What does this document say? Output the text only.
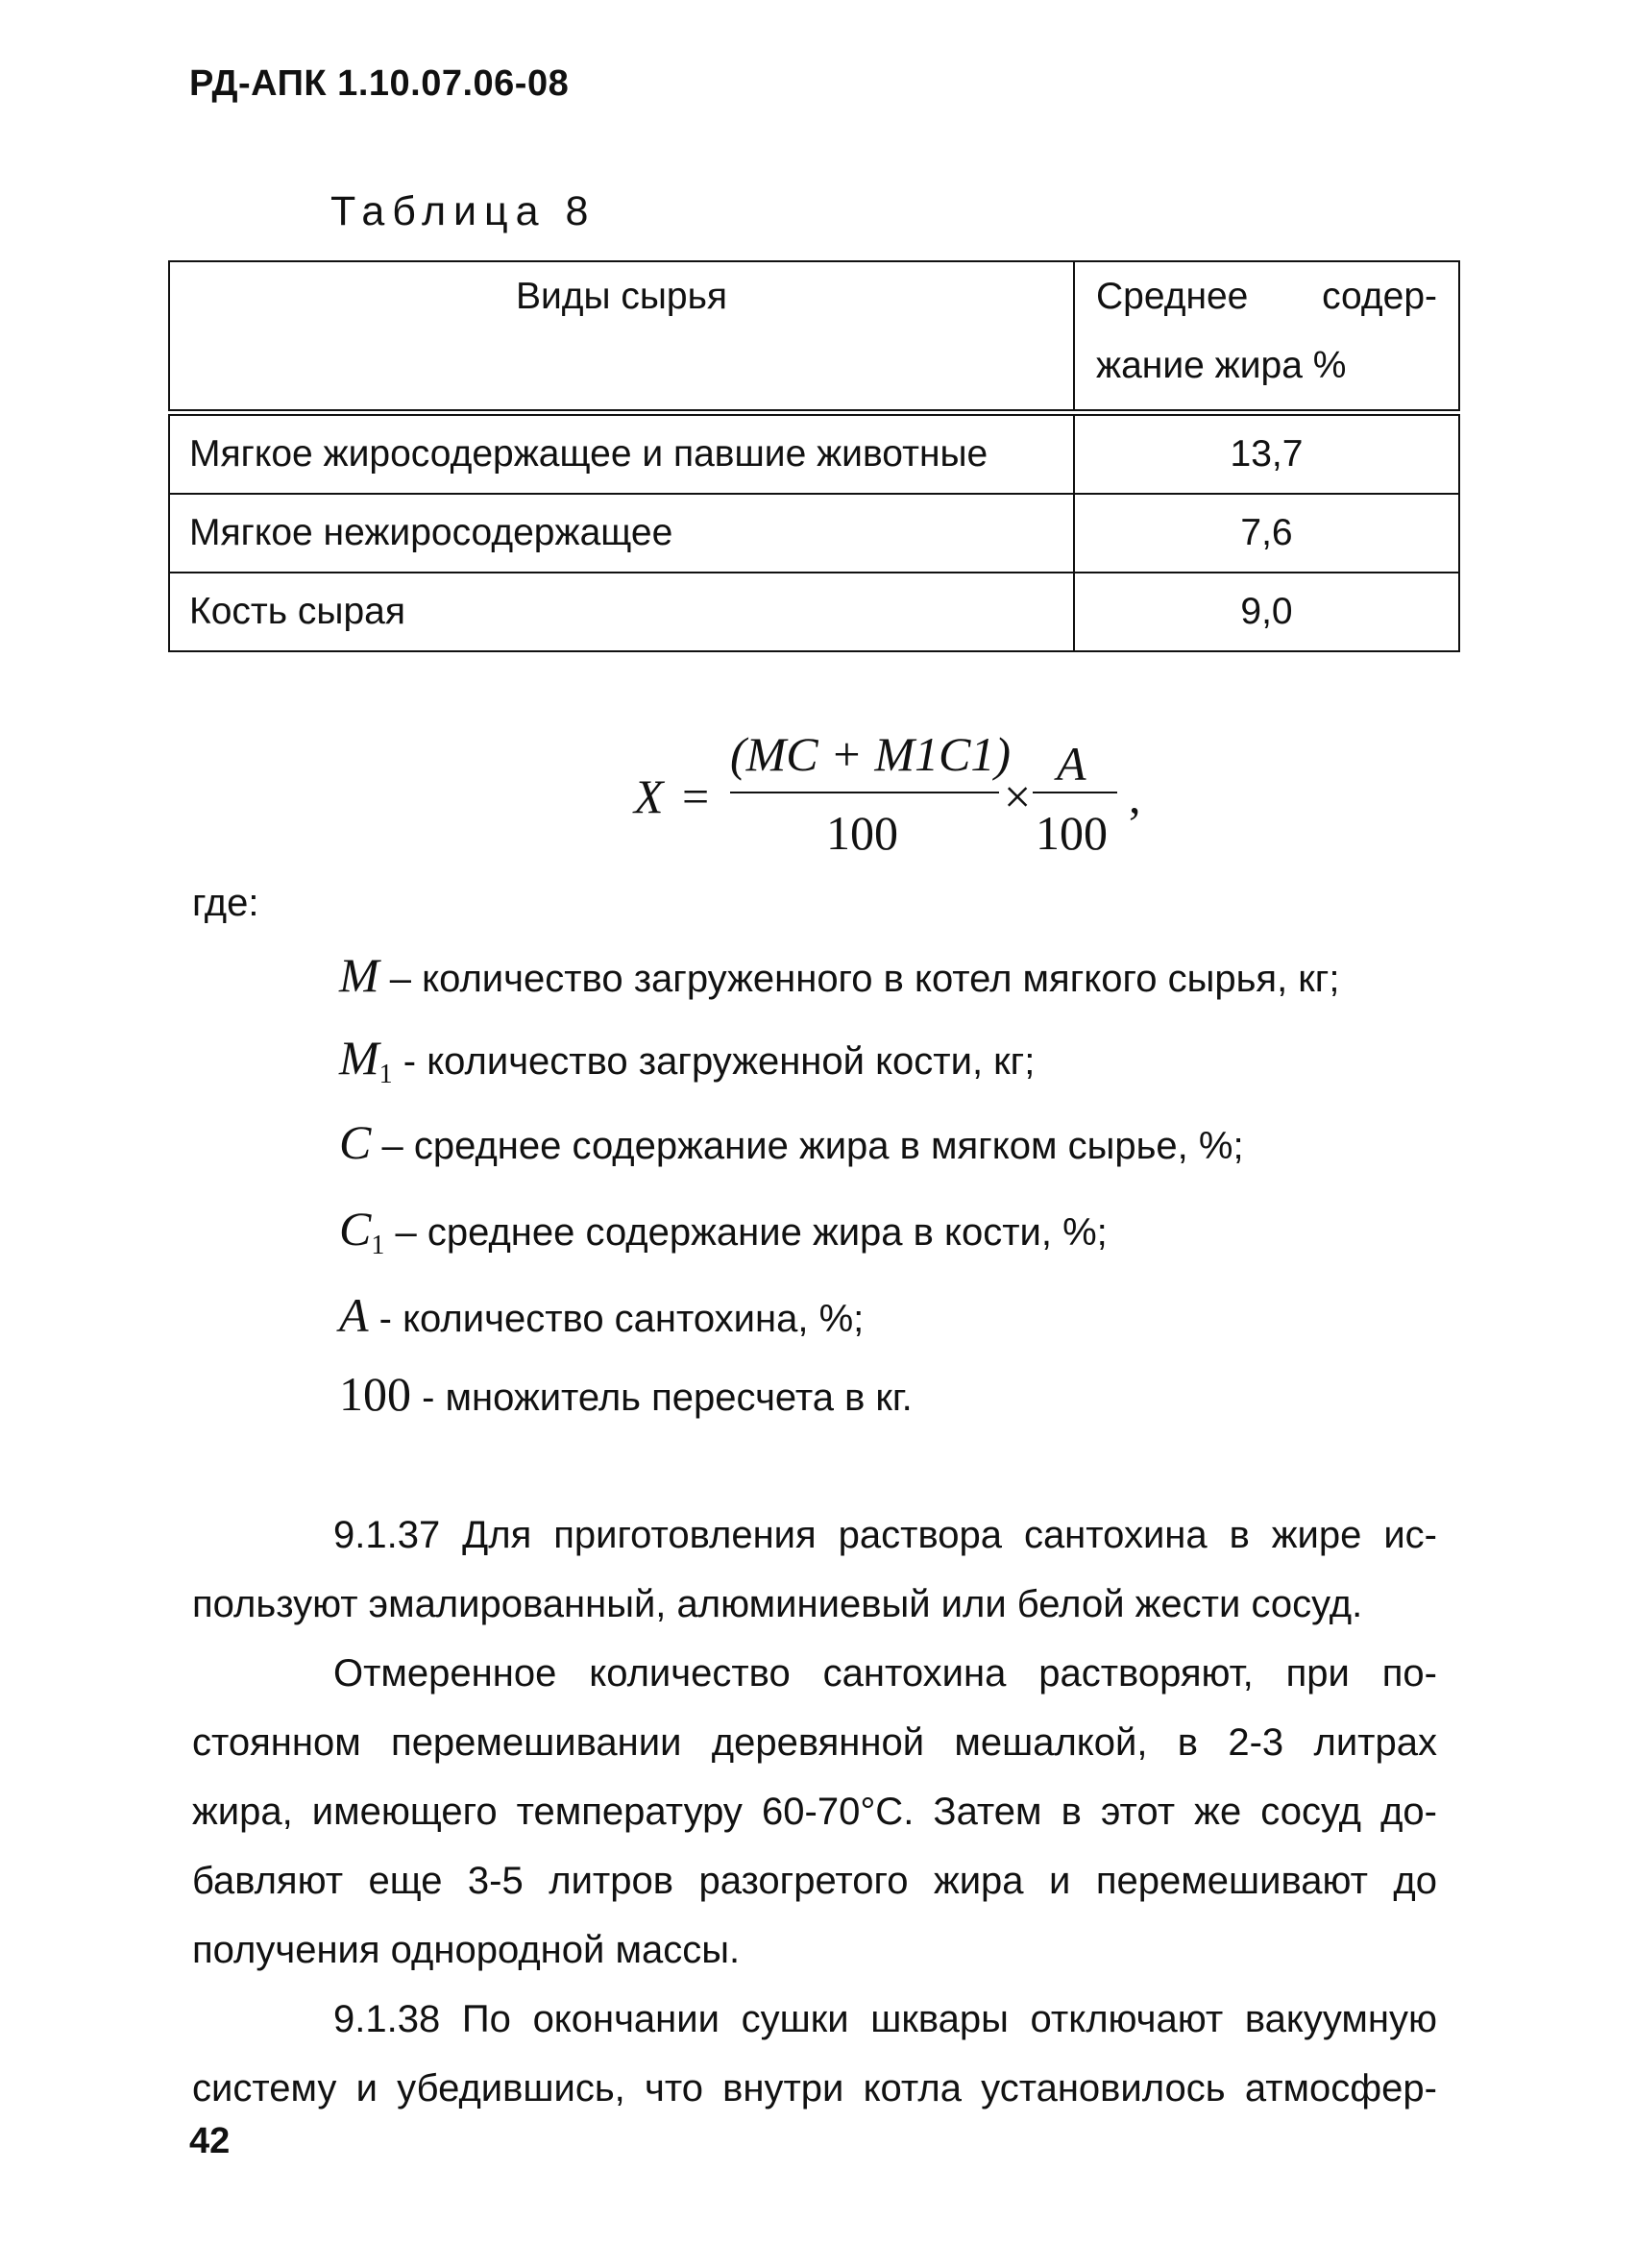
РД-АПК 1.10.07.06-08
Таблица 8
Виды сырья	Среднее содер-жание жира %
Мягкое жиросодержащее и павшие животные	13,7
Мягкое нежиросодержащее	7,6
Кость сырая	9,0
X =
(MC + M1C1)
100
×
A
100
,
где:
M – количество загруженного в котел мягкого сырья, кг;
$M_1$ - количество загруженной кости, кг;
C – среднее содержание жира в мягком сырье, %;
$C_1$ – среднее содержание жира в кости, %;
A - количество сантохина, %;
100 - множитель пересчета в кг.
9.1.37 Для приготовления раствора сантохина в жире ис-
пользуют эмалированный, алюминиевый или белой жести сосуд.
Отмеренное количество сантохина растворяют, при по-
стоянном перемешивании деревянной мешалкой, в 2-3 литрах
жира, имеющего температуру 60-70°С. Затем в этот же сосуд до-
бавляют еще 3-5 литров разогретого жира и перемешивают до
получения однородной массы.
9.1.38 По окончании сушки шквары отключают вакуумную
систему и убедившись, что внутри котла установилось атмосфер-
42
